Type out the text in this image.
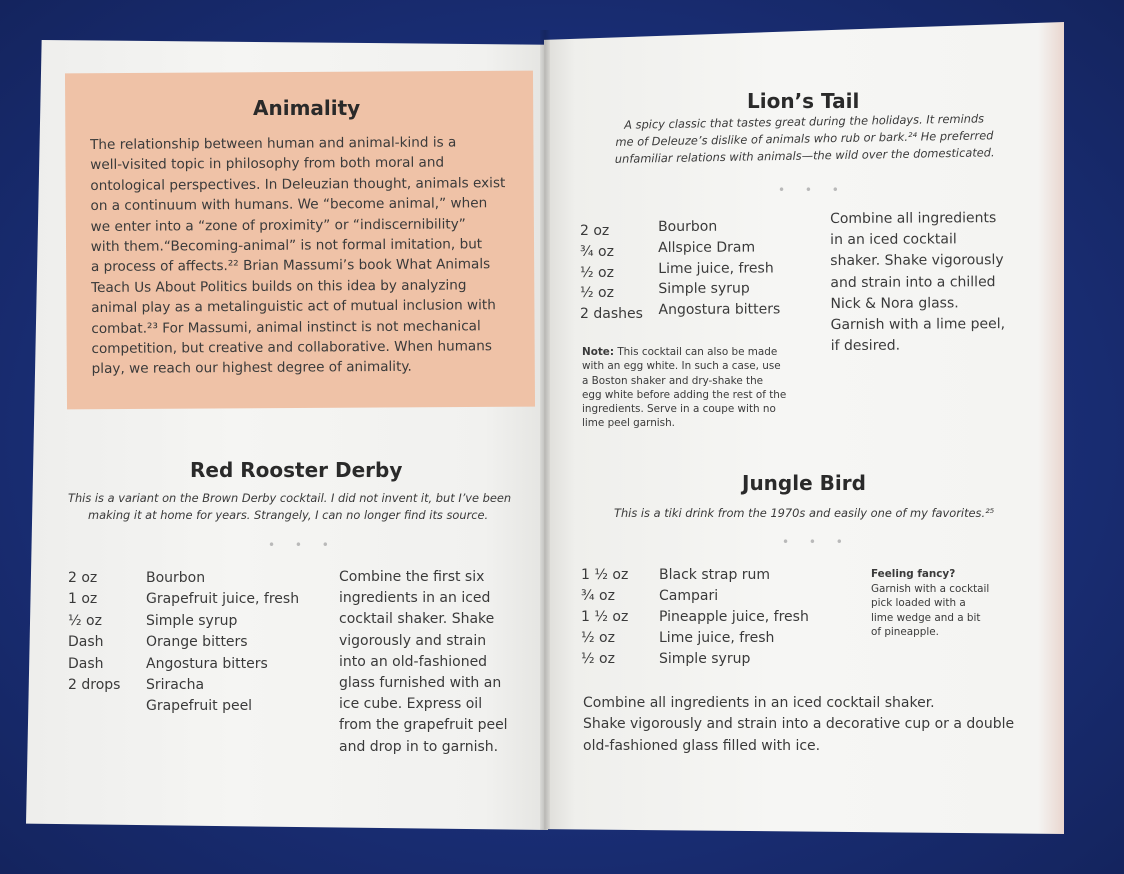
Animality
The relationship between human and animal-kind is a
well-visited topic in philosophy from both moral and
ontological perspectives. In Deleuzian thought, animals exist
on a continuum with humans. We “become animal,” when
we enter into a “zone of proximity” or “indiscernibility”
with them.“Becoming-animal” is not formal imitation, but
a process of affects.²² Brian Massumi’s book What Animals
Teach Us About Politics builds on this idea by analyzing
animal play as a metalinguistic act of mutual inclusion with
combat.²³ For Massumi, animal instinct is not mechanical
competition, but creative and collaborative. When humans
play, we reach our highest degree of animality.
Red Rooster Derby
This is a variant on the Brown Derby cocktail. I did not invent it, but I’ve been
making it at home for years. Strangely, I can no longer find its source.
• • •
2 oz
1 oz
½ oz
Dash
Dash
2 drops
Bourbon
Grapefruit juice, fresh
Simple syrup
Orange bitters
Angostura bitters
Sriracha
Grapefruit peel
Combine the first six
ingredients in an iced
cocktail shaker. Shake
vigorously and strain
into an old-fashioned
glass furnished with an
ice cube. Express oil
from the grapefruit peel
and drop in to garnish.
Lion’s Tail
A spicy classic that tastes great during the holidays. It reminds
me of Deleuze’s dislike of animals who rub or bark.²⁴ He preferred
unfamiliar relations with animals—the wild over the domesticated.
• • •
2 oz
¾ oz
½ oz
½ oz
2 dashes
Bourbon
Allspice Dram
Lime juice, fresh
Simple syrup
Angostura bitters
Combine all ingredients
in an iced cocktail
shaker. Shake vigorously
and strain into a chilled
Nick & Nora glass.
Garnish with a lime peel,
if desired.
Note: This cocktail can also be made
with an egg white. In such a case, use
a Boston shaker and dry-shake the
egg white before adding the rest of the
ingredients. Serve in a coupe with no
lime peel garnish.
Jungle Bird
This is a tiki drink from the 1970s and easily one of my favorites.²⁵
• • •
1 ½ oz
¾ oz
1 ½ oz
½ oz
½ oz
Black strap rum
Campari
Pineapple juice, fresh
Lime juice, fresh
Simple syrup
Feeling fancy?
Garnish with a cocktail
pick loaded with a
lime wedge and a bit
of pineapple.
Combine all ingredients in an iced cocktail shaker.
Shake vigorously and strain into a decorative cup or a double
old-fashioned glass filled with ice.
